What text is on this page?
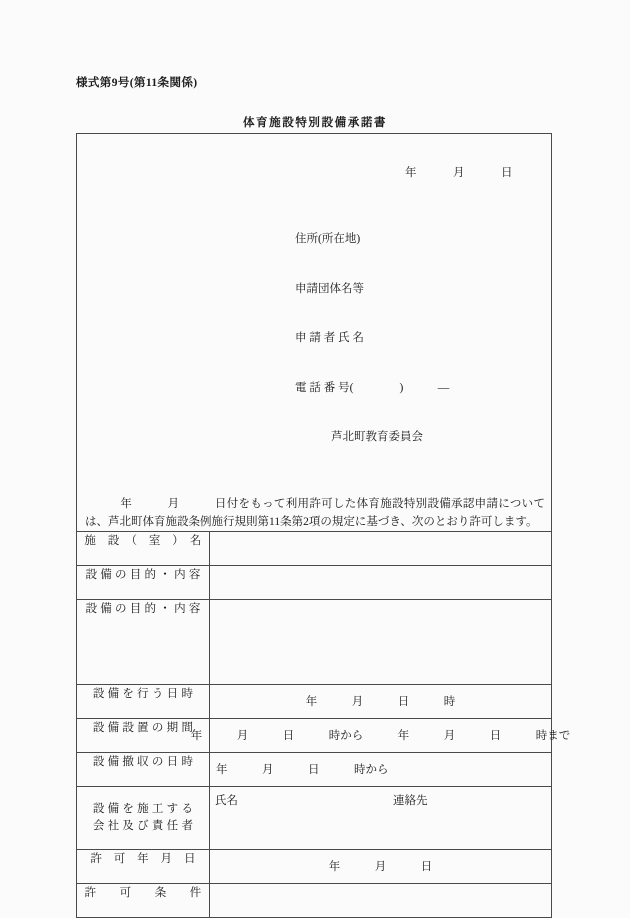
様式第9号(第11条関係)
体育施設特別設備承諾書
年　　　月　　　日

住所(所在地)

申請団体名等

申 請 者 氏 名

電 話 番 号(　　　　)　　　―

芦北町教育委員会

　　　年　　　月　　　日付をもって利用許可した体育施設特別設備承認申請については、芦北町体育施設条例施行規則第11条第2項の規定に基づき、次のとおり許可します。

施　設　（　室　）　名	

設 備 の 目 的 ・ 内 容	

設 備 の 目 的 ・ 内 容	

設 備 を 行 う 日 時	年　　　月　　　日　　　時

設 備 設 置 の 期 間	年　　　月　　　日　　　時から　　　年　　　月　　　日　　　時まで

設 備 撤 収 の 日 時	年　　　月　　　日　　　時から

設 備 を 施 工 す る
会 社 及 び 責 任 者	氏名 連絡先

許　可　年　月　日	年　　　月　　　日

許　　可　　条　　件	
